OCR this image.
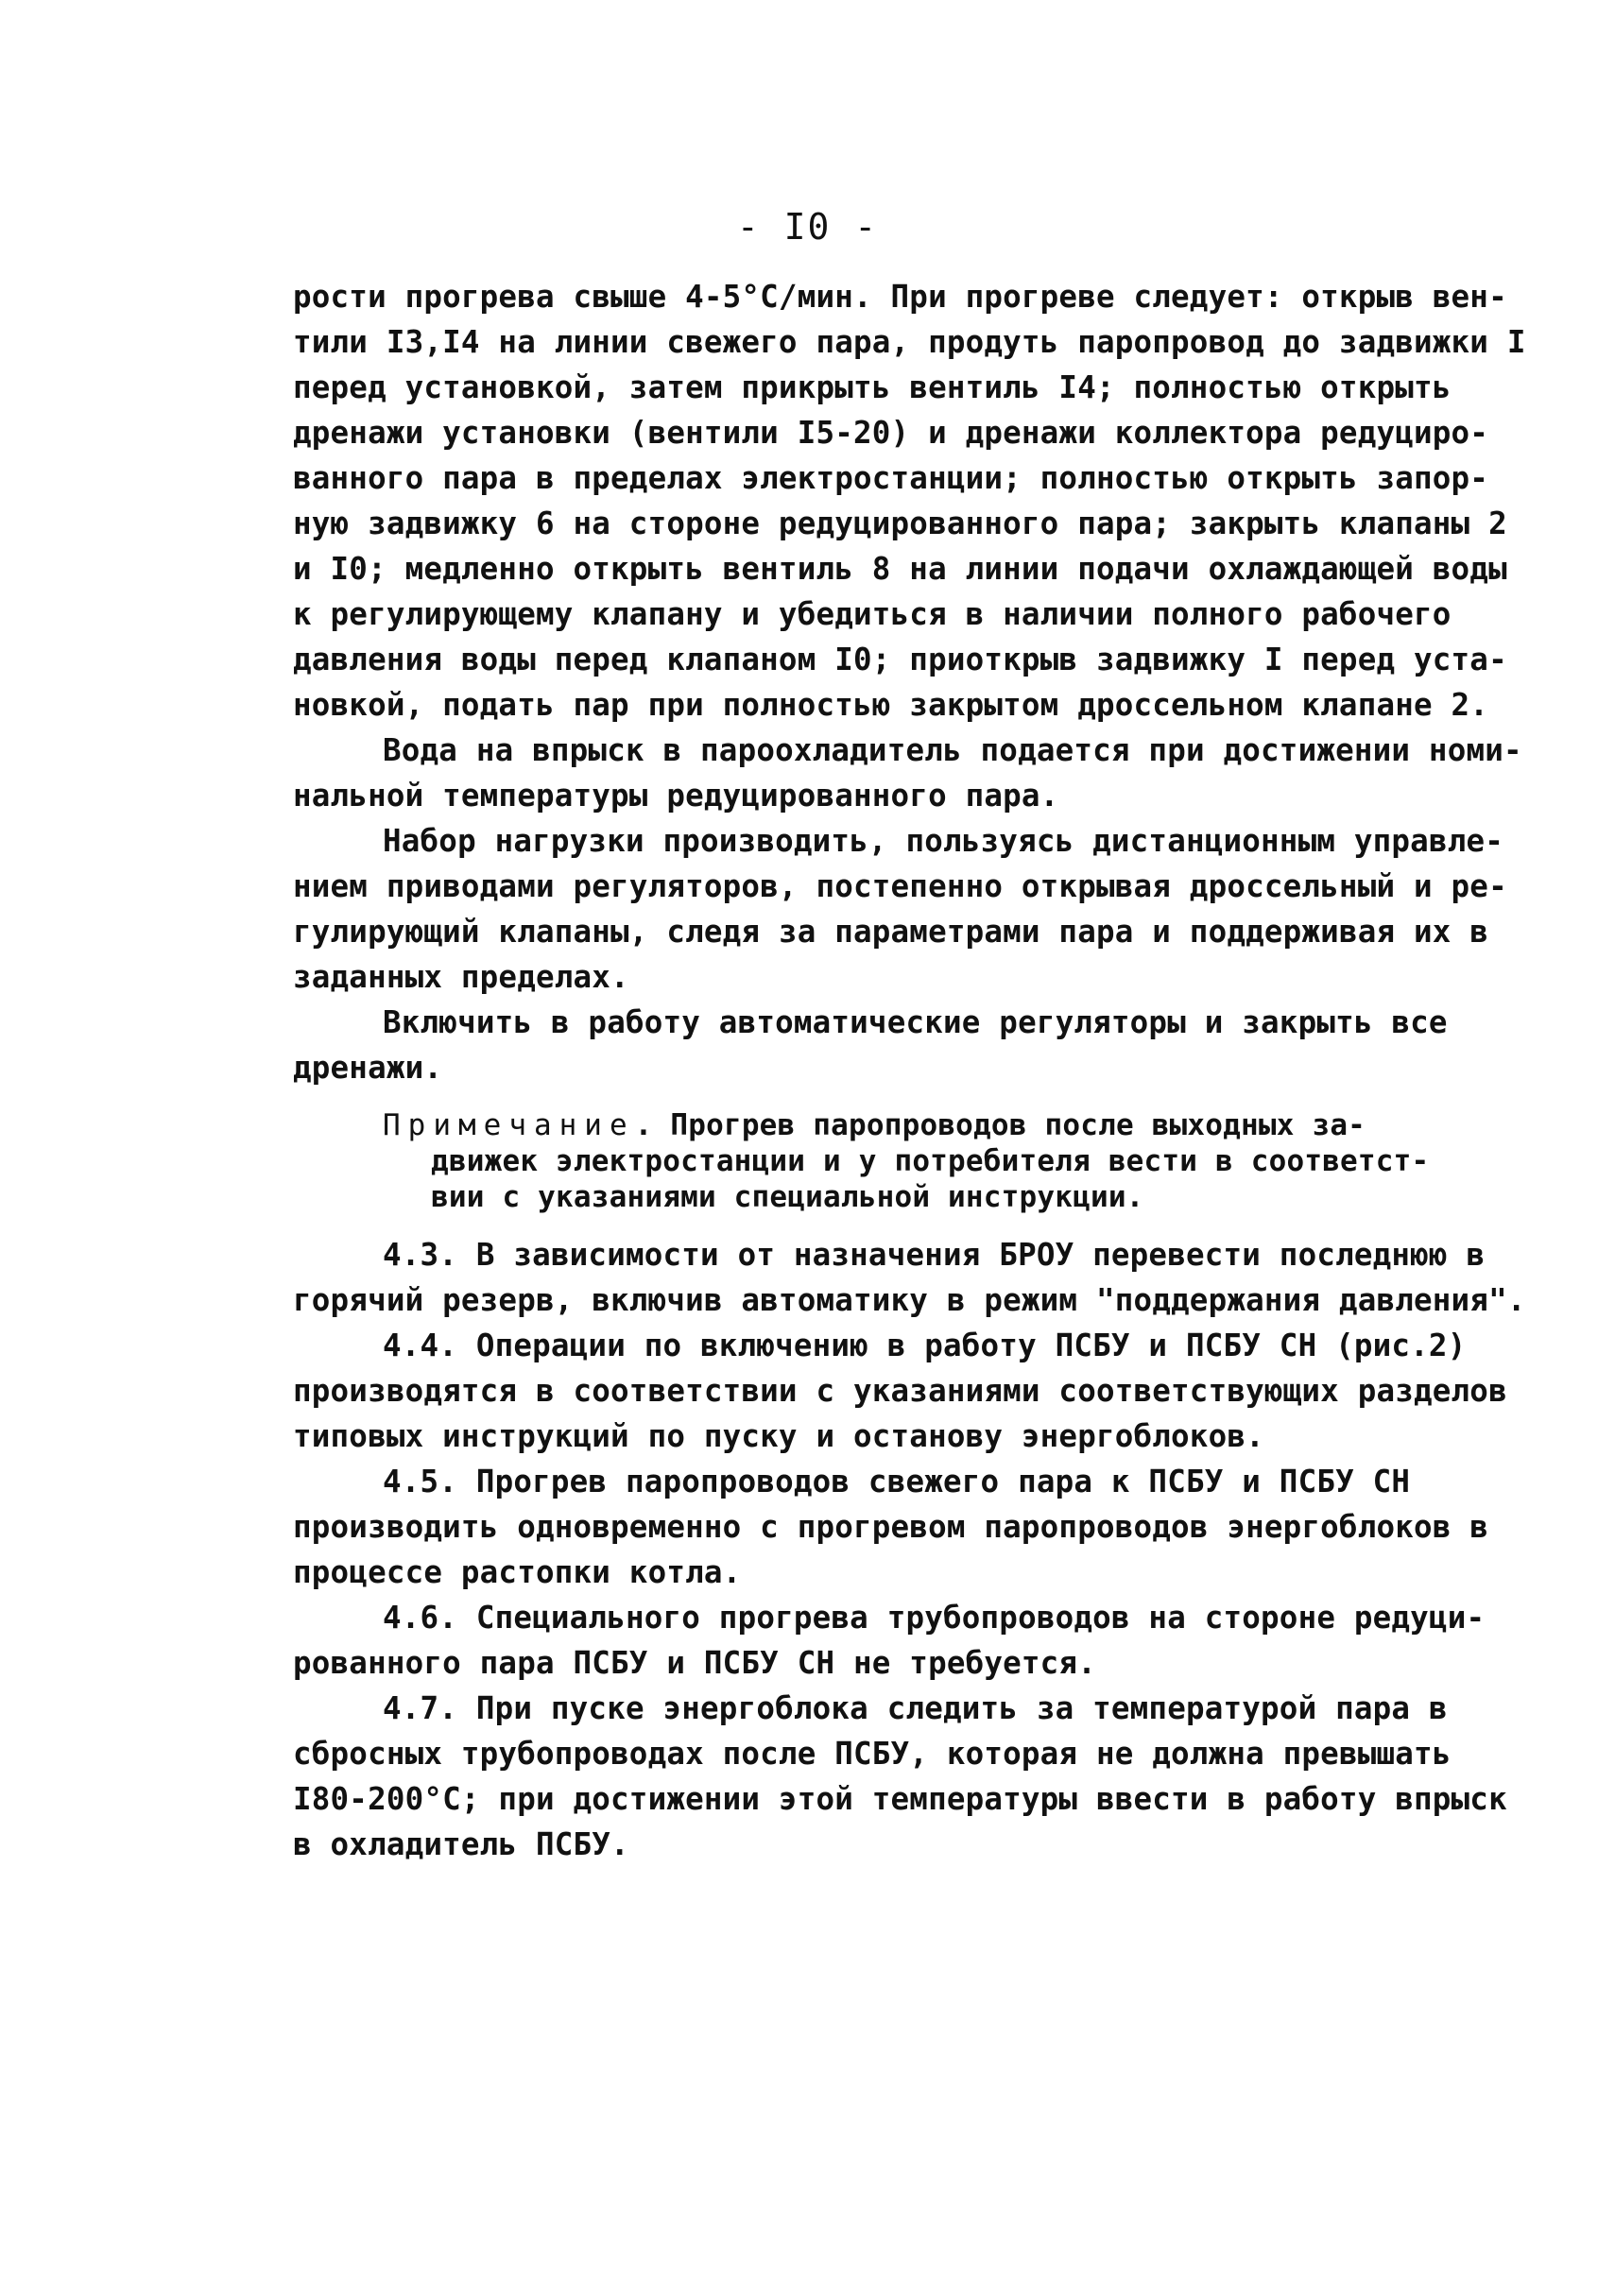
- I0 -
рости прогрева свыше 4-5°С/мин. При прогреве следует: открыв вен-
тили I3,I4 на линии свежего пара, продуть паропровод до задвижки I
перед установкой, затем прикрыть вентиль I4; полностью открыть
дренажи установки (вентили I5-20) и дренажи коллектора редуциро-
ванного пара в пределах электростанции; полностью открыть запор-
ную задвижку 6 на стороне редуцированного пара; закрыть клапаны 2
и I0; медленно открыть вентиль 8 на линии подачи охлаждающей воды
к регулирующему клапану и убедиться в наличии полного рабочего
давления воды перед клапаном I0; приоткрыв задвижку I перед уста-
новкой, подать пар при полностью закрытом дроссельном клапане 2.
Вода на впрыск в пароохладитель подается при достижении номи-
нальной температуры редуцированного пара.
Набор нагрузки производить, пользуясь дистанционным управле-
нием приводами регуляторов, постепенно открывая дроссельный и ре-
гулирующий клапаны, следя за параметрами пара и поддерживая их в
заданных пределах.
Включить в работу автоматические регуляторы и закрыть все
дренажи.
Примечание. Прогрев паропроводов после выходных за-
движек электростанции и у потребителя вести в соответст-
вии с указаниями специальной инструкции.
4.3. В зависимости от назначения БРОУ перевести последнюю в
горячий резерв, включив автоматику в режим "поддержания давления".
4.4. Операции по включению в работу ПСБУ и ПСБУ СН (рис.2)
производятся в соответствии с указаниями соответствующих разделов
типовых инструкций по пуску и останову энергоблоков.
4.5. Прогрев паропроводов свежего пара к ПСБУ и ПСБУ СН
производить одновременно с прогревом паропроводов энергоблоков в
процессе растопки котла.
4.6. Специального прогрева трубопроводов на стороне редуци-
рованного пара ПСБУ и ПСБУ СН не требуется.
4.7. При пуске энергоблока следить за температурой пара в
сбросных трубопроводах после ПСБУ, которая не должна превышать
I80-200°С; при достижении этой температуры ввести в работу впрыск
в охладитель ПСБУ.
